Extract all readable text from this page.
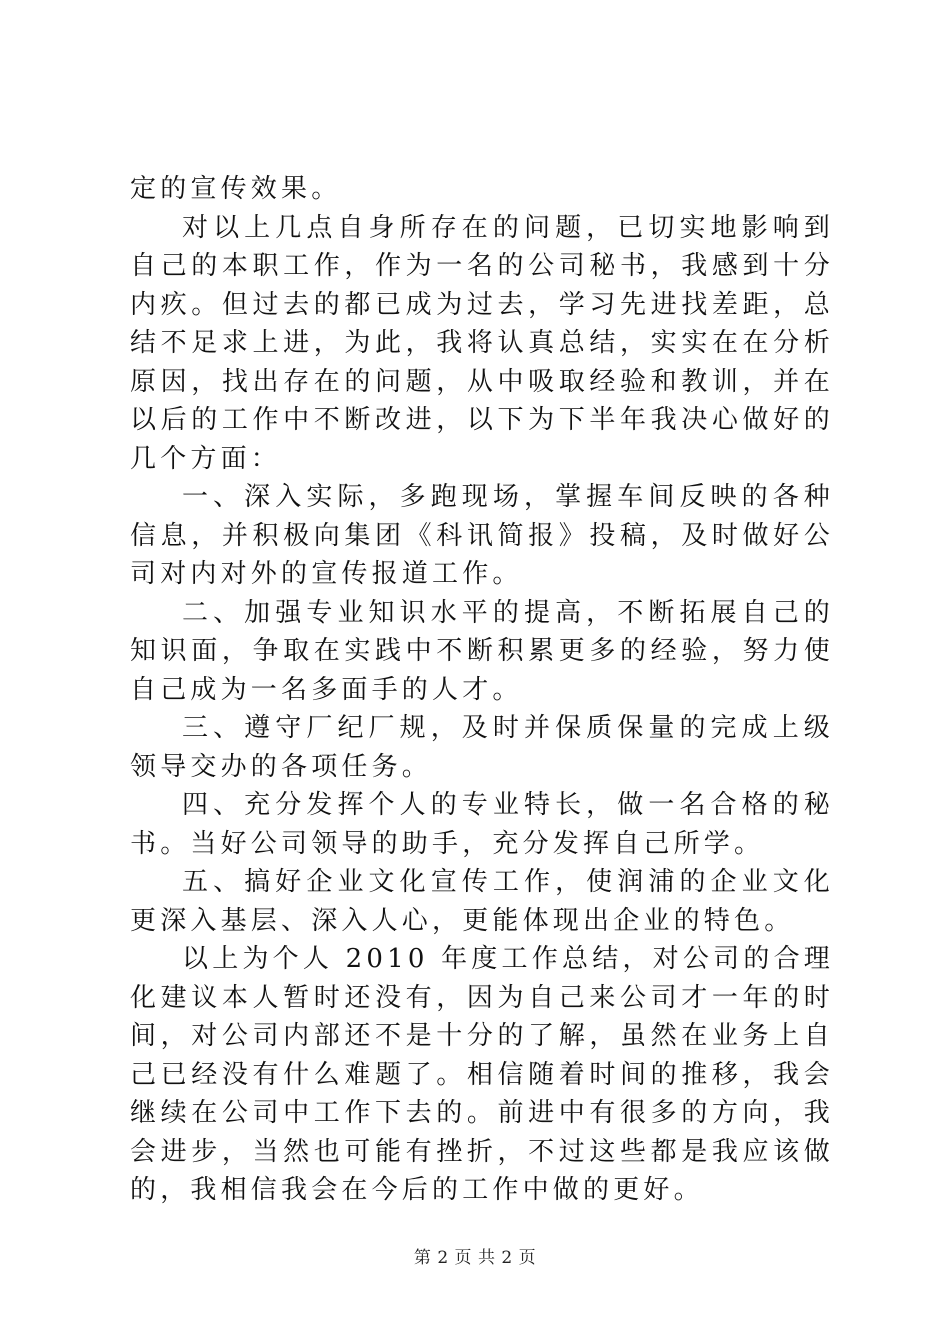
定的宣传效果。

对以上几点自身所存在的问题，已切实地影响到自己的本职工作，作为一名的公司秘书，我感到十分内疚。但过去的都已成为过去，学习先进找差距，总结不足求上进，为此，我将认真总结，实实在在分析原因，找出存在的问题，从中吸取经验和教训，并在以后的工作中不断改进，以下为下半年我决心做好的几个方面：

一、深入实际，多跑现场，掌握车间反映的各种信息，并积极向集团《科讯简报》投稿，及时做好公司对内对外的宣传报道工作。

二、加强专业知识水平的提高，不断拓展自己的知识面，争取在实践中不断积累更多的经验，努力使自己成为一名多面手的人才。

三、遵守厂纪厂规，及时并保质保量的完成上级领导交办的各项任务。

四、充分发挥个人的专业特长，做一名合格的秘书。当好公司领导的助手，充分发挥自己所学。

五、搞好企业文化宣传工作，使润浦的企业文化更深入基层、深入人心，更能体现出企业的特色。

以上为个人 2010 年度工作总结，对公司的合理化建议本人暂时还没有，因为自己来公司才一年的时间，对公司内部还不是十分的了解，虽然在业务上自己已经没有什么难题了。相信随着时间的推移，我会继续在公司中工作下去的。前进中有很多的方向，我会进步，当然也可能有挫折，不过这些都是我应该做的，我相信我会在今后的工作中做的更好。

第 2 页 共 2 页
